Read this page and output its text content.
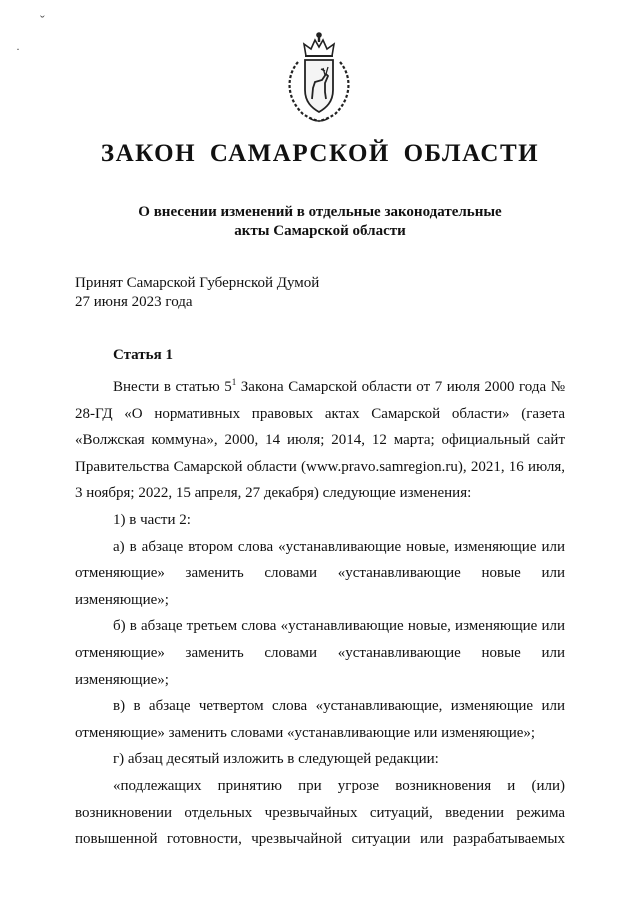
ˇ
·
ЗАКОН САМАРСКОЙ ОБЛАСТИ
О внесении изменений в отдельные законодательные
акты Самарской области
Принят Самарской Губернской Думой
27 июня 2023 года
Статья 1

Внести в статью $5^1$ Закона Самарской области от 7 июля 2000 года № 28-ГД «О нормативных правовых актах Самарской области» (газета «Волжская коммуна», 2000, 14 июля; 2014, 12 марта; официальный сайт Правительства Самарской области (www.pravo.samregion.ru), 2021, 16 июля, 3 ноября; 2022, 15 апреля, 27 декабря) следующие изменения:

1) в части 2:

а) в абзаце втором слова «устанавливающие новые, изменяющие или отменяющие» заменить словами «устанавливающие новые или изменяющие»;

б) в абзаце третьем слова «устанавливающие новые, изменяющие или отменяющие» заменить словами «устанавливающие новые или изменяющие»;

в) в абзаце четвертом слова «устанавливающие, изменяющие или отменяющие» заменить словами «устанавливающие или изменяющие»;

г) абзац десятый изложить в следующей редакции:

«подлежащих принятию при угрозе возникновения и (или) возникновении отдельных чрезвычайных ситуаций, введении режима повышенной готовности, чрезвычайной ситуации или разрабатываемых
